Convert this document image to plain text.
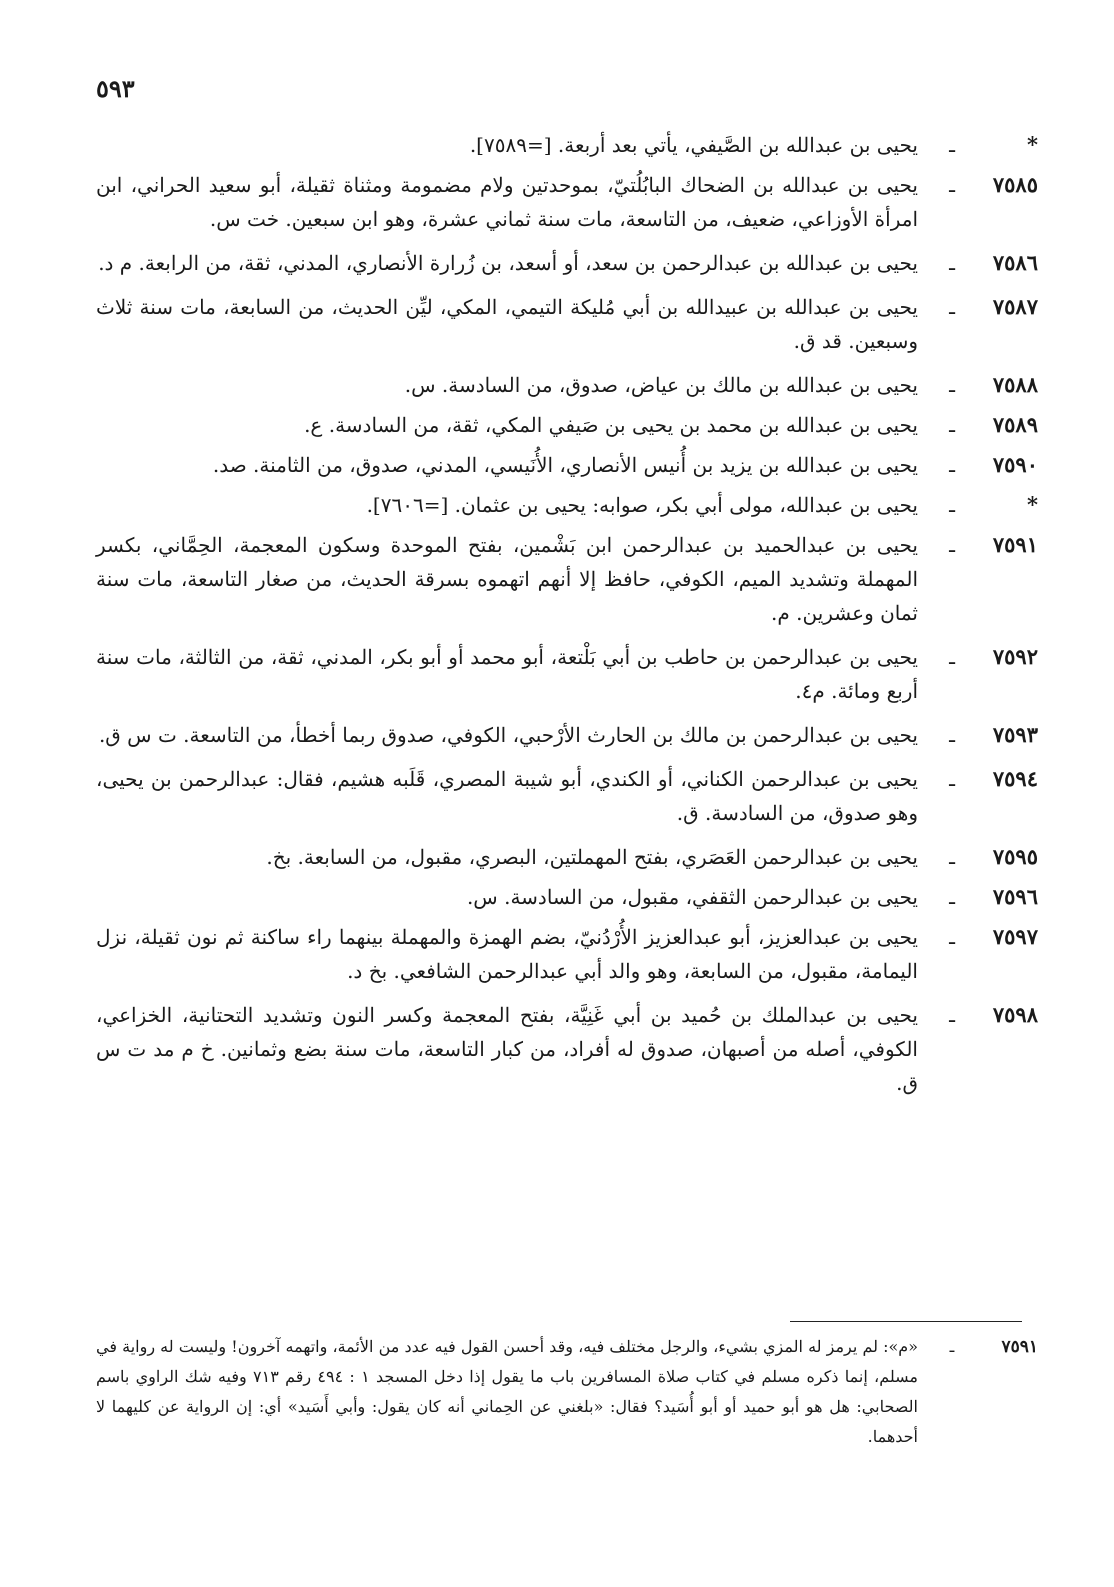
٥٩٣
*
ـ
يحيى بن عبدالله بن الصَّيفي، يأتي بعد أربعة. [=٧٥٨٩].
٧٥٨٥
ـ
يحيى بن عبدالله بن الضحاك البابُلُتيّ، بموحدتين ولام مضمومة ومثناة ثقيلة، أبو سعيد الحراني، ابن امرأة الأوزاعي، ضعيف، من التاسعة، مات سنة ثماني عشرة، وهو ابن سبعين. خت س.
٧٥٨٦
ـ
يحيى بن عبدالله بن عبدالرحمن بن سعد، أو أسعد، بن زُرارة الأنصاري، المدني، ثقة، من الرابعة. م د.
٧٥٨٧
ـ
يحيى بن عبدالله بن عبيدالله بن أبي مُليكة التيمي، المكي، ليِّن الحديث، من السابعة، مات سنة ثلاث وسبعين. قد ق.
٧٥٨٨
ـ
يحيى بن عبدالله بن مالك بن عياض، صدوق، من السادسة. س.
٧٥٨٩
ـ
يحيى بن عبدالله بن محمد بن يحيى بن صَيفي المكي، ثقة، من السادسة. ع.
٧٥٩٠
ـ
يحيى بن عبدالله بن يزيد بن أُنيس الأنصاري، الأُنَيسي، المدني، صدوق، من الثامنة. صد.
*
ـ
يحيى بن عبدالله، مولى أبي بكر، صوابه: يحيى بن عثمان. [=٧٦٠٦].
٧٥٩١
ـ
يحيى بن عبدالحميد بن عبدالرحمن ابن بَشْمين، بفتح الموحدة وسكون المعجمة، الحِمَّاني، بكسر المهملة وتشديد الميم، الكوفي، حافظ إلا أنهم اتهموه بسرقة الحديث، من صغار التاسعة، مات سنة ثمان وعشرين. م.
٧٥٩٢
ـ
يحيى بن عبدالرحمن بن حاطب بن أبي بَلْتعة، أبو محمد أو أبو بكر، المدني، ثقة، من الثالثة، مات سنة أربع ومائة. م٤.
٧٥٩٣
ـ
يحيى بن عبدالرحمن بن مالك بن الحارث الأرْحبي، الكوفي، صدوق ربما أخطأ، من التاسعة. ت س ق.
٧٥٩٤
ـ
يحيى بن عبدالرحمن الكناني، أو الكندي، أبو شيبة المصري، قَلَبه هشيم، فقال: عبدالرحمن بن يحيى، وهو صدوق، من السادسة. ق.
٧٥٩٥
ـ
يحيى بن عبدالرحمن العَصَري، بفتح المهملتين، البصري، مقبول، من السابعة. بخ.
٧٥٩٦
ـ
يحيى بن عبدالرحمن الثقفي، مقبول، من السادسة. س.
٧٥٩٧
ـ
يحيى بن عبدالعزيز، أبو عبدالعزيز الأُرْدُنيّ، بضم الهمزة والمهملة بينهما راء ساكنة ثم نون ثقيلة، نزل اليمامة، مقبول، من السابعة، وهو والد أبي عبدالرحمن الشافعي. بخ د.
٧٥٩٨
ـ
يحيى بن عبدالملك بن حُميد بن أبي غَنِيَّة، بفتح المعجمة وكسر النون وتشديد التحتانية، الخزاعي، الكوفي، أصله من أصبهان، صدوق له أفراد، من كبار التاسعة، مات سنة بضع وثمانين. خ م مد ت س ق.
٧٥٩١
ـ
«م»: لم يرمز له المزي بشيء، والرجل مختلف فيه، وقد أحسن القول فيه عدد من الأئمة، واتهمه آخرون! وليست له رواية في مسلم، إنما ذكره مسلم في كتاب صلاة المسافرين باب ما يقول إذا دخل المسجد ١ : ٤٩٤ رقم ٧١٣ وفيه شك الراوي باسم الصحابي: هل هو أبو حميد أو أبو أُسَيد؟ فقال: «بلغني عن الحِماني أنه كان يقول: وأبي أَسَيد» أي: إن الرواية عن كليهما لا أحدهما.
